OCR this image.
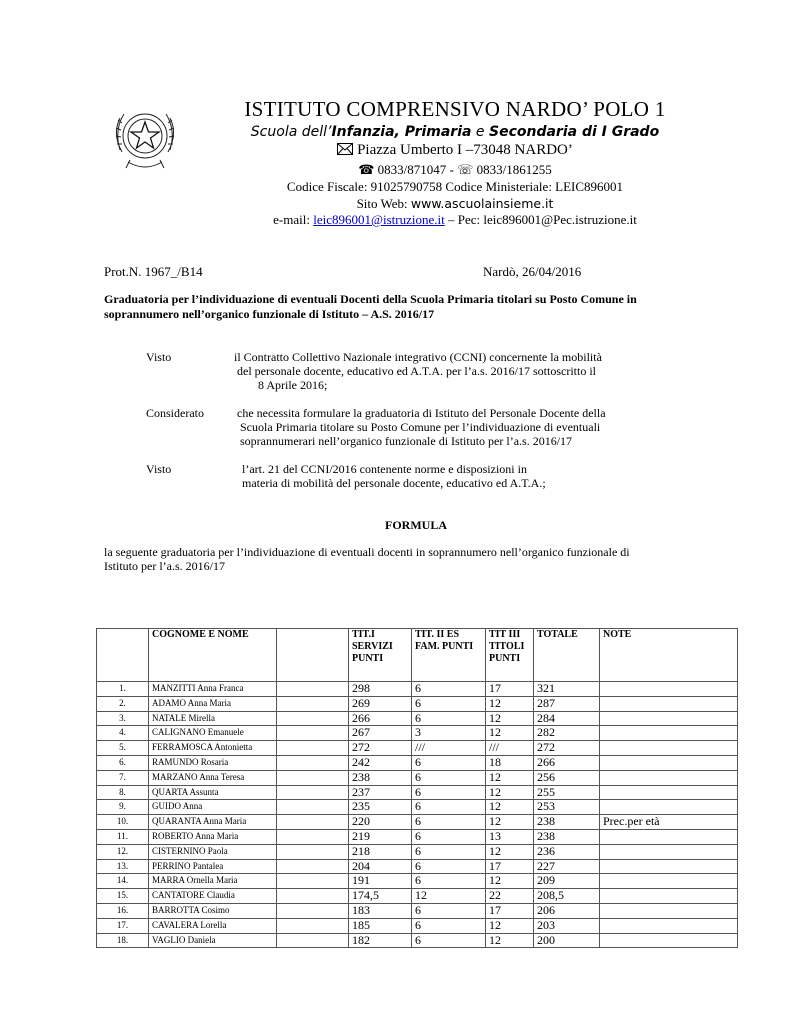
ISTITUTO COMPRENSIVO NARDO’ POLO 1
Scuola dell’Infanzia, Primaria e Secondaria di I Grado
Piazza Umberto I –73048 NARDO’
☎ 0833/871047 - ☏ 0833/1861255
Codice Fiscale: 91025790758 Codice Ministeriale: LEIC896001
Sito Web: www.ascuolainsieme.it
e-mail: leic896001@istruzione.it – Pec: leic896001@Pec.istruzione.it
Prot.N. 1967_/B14	Nardò, 26/04/2016
Graduatoria per l’individuazione di eventuali Docenti della Scuola Primaria titolari su Posto Comune in
soprannumero nell’organico funzionale di Istituto – A.S. 2016/17
Visto	il Contratto Collettivo Nazionale integrativo (CCNI) concernente la mobilità
del personale docente, educativo ed A.T.A. per l’a.s. 2016/17 sottoscritto il
8 Aprile 2016;
Considerato	che necessita formulare la graduatoria di Istituto del Personale Docente della
Scuola Primaria titolare su Posto Comune per l’individuazione di eventuali
soprannumerari nell’organico funzionale di Istituto per l’a.s. 2016/17
Visto	l’art. 21 del CCNI/2016 contenente norme e disposizioni in
materia di mobilità del personale docente, educativo ed A.T.A.;
FORMULA
la seguente graduatoria per l’individuazione di eventuali docenti in soprannumero nell’organico funzionale di
Istituto per l’a.s. 2016/17
	COGNOME E NOME		TIT.I SERVIZI PUNTI	TIT. II ES FAM. PUNTI	TIT III TITOLI PUNTI	TOTALE	NOTE
1.	MANZITTI Anna Franca		298	6	17	321	
2.	ADAMO Anna Maria		269	6	12	287	
3.	NATALE Mirella		266	6	12	284	
4.	CALIGNANO Emanuele		267	3	12	282	
5.	FERRAMOSCA Antonietta		272	///	///	272	
6.	RAMUNDO Rosaria		242	6	18	266	
7.	MARZANO Anna Teresa		238	6	12	256	
8.	QUARTA Assunta		237	6	12	255	
9.	GUIDO Anna		235	6	12	253	
10.	QUARANTA Anna Maria		220	6	12	238	Prec.per età
11.	ROBERTO Anna Maria		219	6	13	238	
12.	CISTERNINO Paola		218	6	12	236	
13.	PERRINO Pantalea		204	6	17	227	
14.	MARRA Ornella Maria		191	6	12	209	
15.	CANTATORE Claudia		174,5	12	22	208,5	
16.	BARROTTA Cosimo		183	6	17	206	
17.	CAVALERA Lorella		185	6	12	203	
18.	VAGLIO Daniela		182	6	12	200	
